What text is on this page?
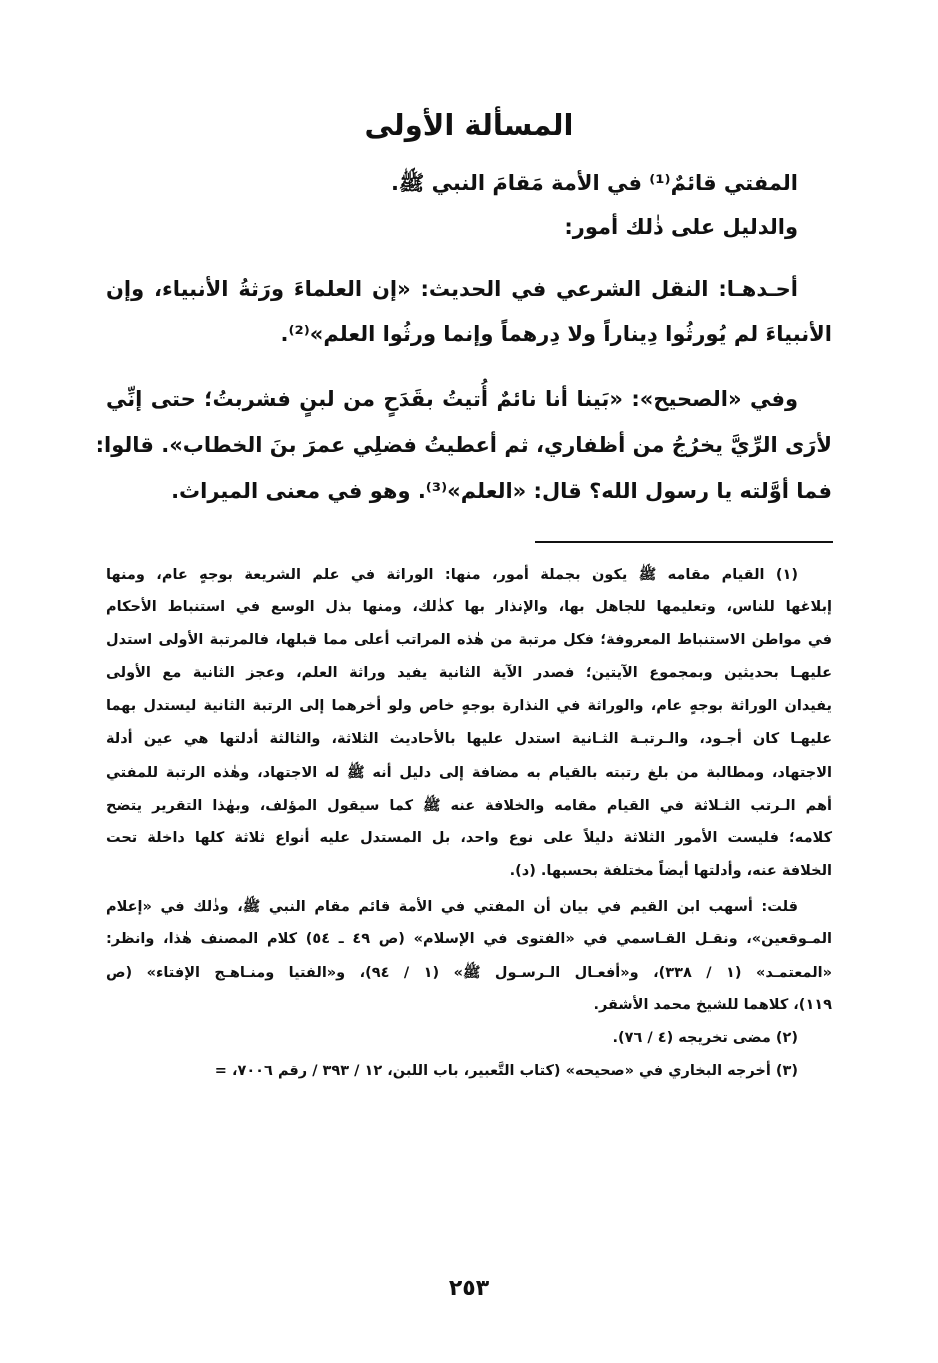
المسألة الأولى
المفتي قائمٌ⁽¹⁾ في الأمة مَقامَ النبي ﷺ.
والدليل على ذٰلك أمور:
أحـدهـا: النقل الشرعي في الحديث: «إن العلماءَ ورَثةُ الأنبياء، وإن
الأنبياءَ لم يُورثُوا دِيناراً ولا دِرهماً وإنما ورثُوا العلم»⁽²⁾.
وفي «الصحيح»: «بَينا أنا نائمٌ أُتيتُ بقَدَحٍ من لبنٍ فشربتُ؛ حتى إنِّي
لأرَى الرِّيَّ يخرُجُ من أظفاري، ثم أعطيتُ فضلِي عمرَ بنَ الخطاب». قالوا:
فما أوَّلته يا رسول الله؟ قال: «العلم»⁽³⁾. وهو في معنى الميراث.
(١) القيام مقامه ﷺ يكون بجملة أمور، منها: الوراثة في علم الشريعة بوجهٍ عام، ومنها
إبلاغها للناس، وتعليمها للجاهل بها، والإنذار بها كذٰلك، ومنها بذل الوسع في استنباط الأحكام
في مواطن الاستنباط المعروفة؛ فكل مرتبة من هٰذه المراتب أعلى مما قبلها، فالمرتبة الأولى استدل
عليهـا بحديثين وبمجموع الآيتين؛ فصدر الآية الثانية يفيد وراثة العلم، وعجز الثانية مع الأولى
يفيدان الوراثة بوجهٍ عام، والوراثة في النذارة بوجهٍ خاص ولو أخرهما إلى الرتبة الثانية ليستدل بهما
عليهـا كان أجـود، والـرتبـة الثـانية استدل عليها بالأحاديث الثلاثة، والثالثة أدلتها هي عين أدلة
الاجتهاد، ومطالبة من بلغ رتبته بالقيام به مضافة إلى دليل أنه ﷺ له الاجتهاد، وهٰذه الرتبة للمفتي
أهم الـرتب الثـلاثة في القيام مقامه والخلافة عنه ﷺ كما سيقول المؤلف، وبهٰذا التقرير يتضح
كلامه؛ فليست الأمور الثلاثة دليلاً على نوع واحد، بل المستدل عليه أنواع ثلاثة كلها داخلة تحت
الخلافة عنه، وأدلتها أيضاً مختلفة بحسبها. (د).
قلت: أسهب ابن القيم في بيان أن المفتي في الأمة قائم مقام النبي ﷺ، وذٰلك في «إعلام
المـوقعين»، ونقـل القـاسمي في «الفتوى في الإسلام» (ص ٤٩ ـ ٥٤) كلام المصنف هٰذا، وانظر:
«المعتمـد» (١ / ٣٣٨)، و«أفعـال الـرسـول ﷺ» (١ / ٩٤)، و«الفتيا ومنـاهـج الإفتاء» (ص
١١٩)، كلاهما للشيخ محمد الأشقر.
(٢) مضى تخريجه (٤ / ٧٦).
(٣) أخرجه البخاري في «صحيحه» (كتاب التَّعبير، باب اللبن، ١٢ / ٣٩٣ / رقم ٧٠٠٦، =
٢٥٣
